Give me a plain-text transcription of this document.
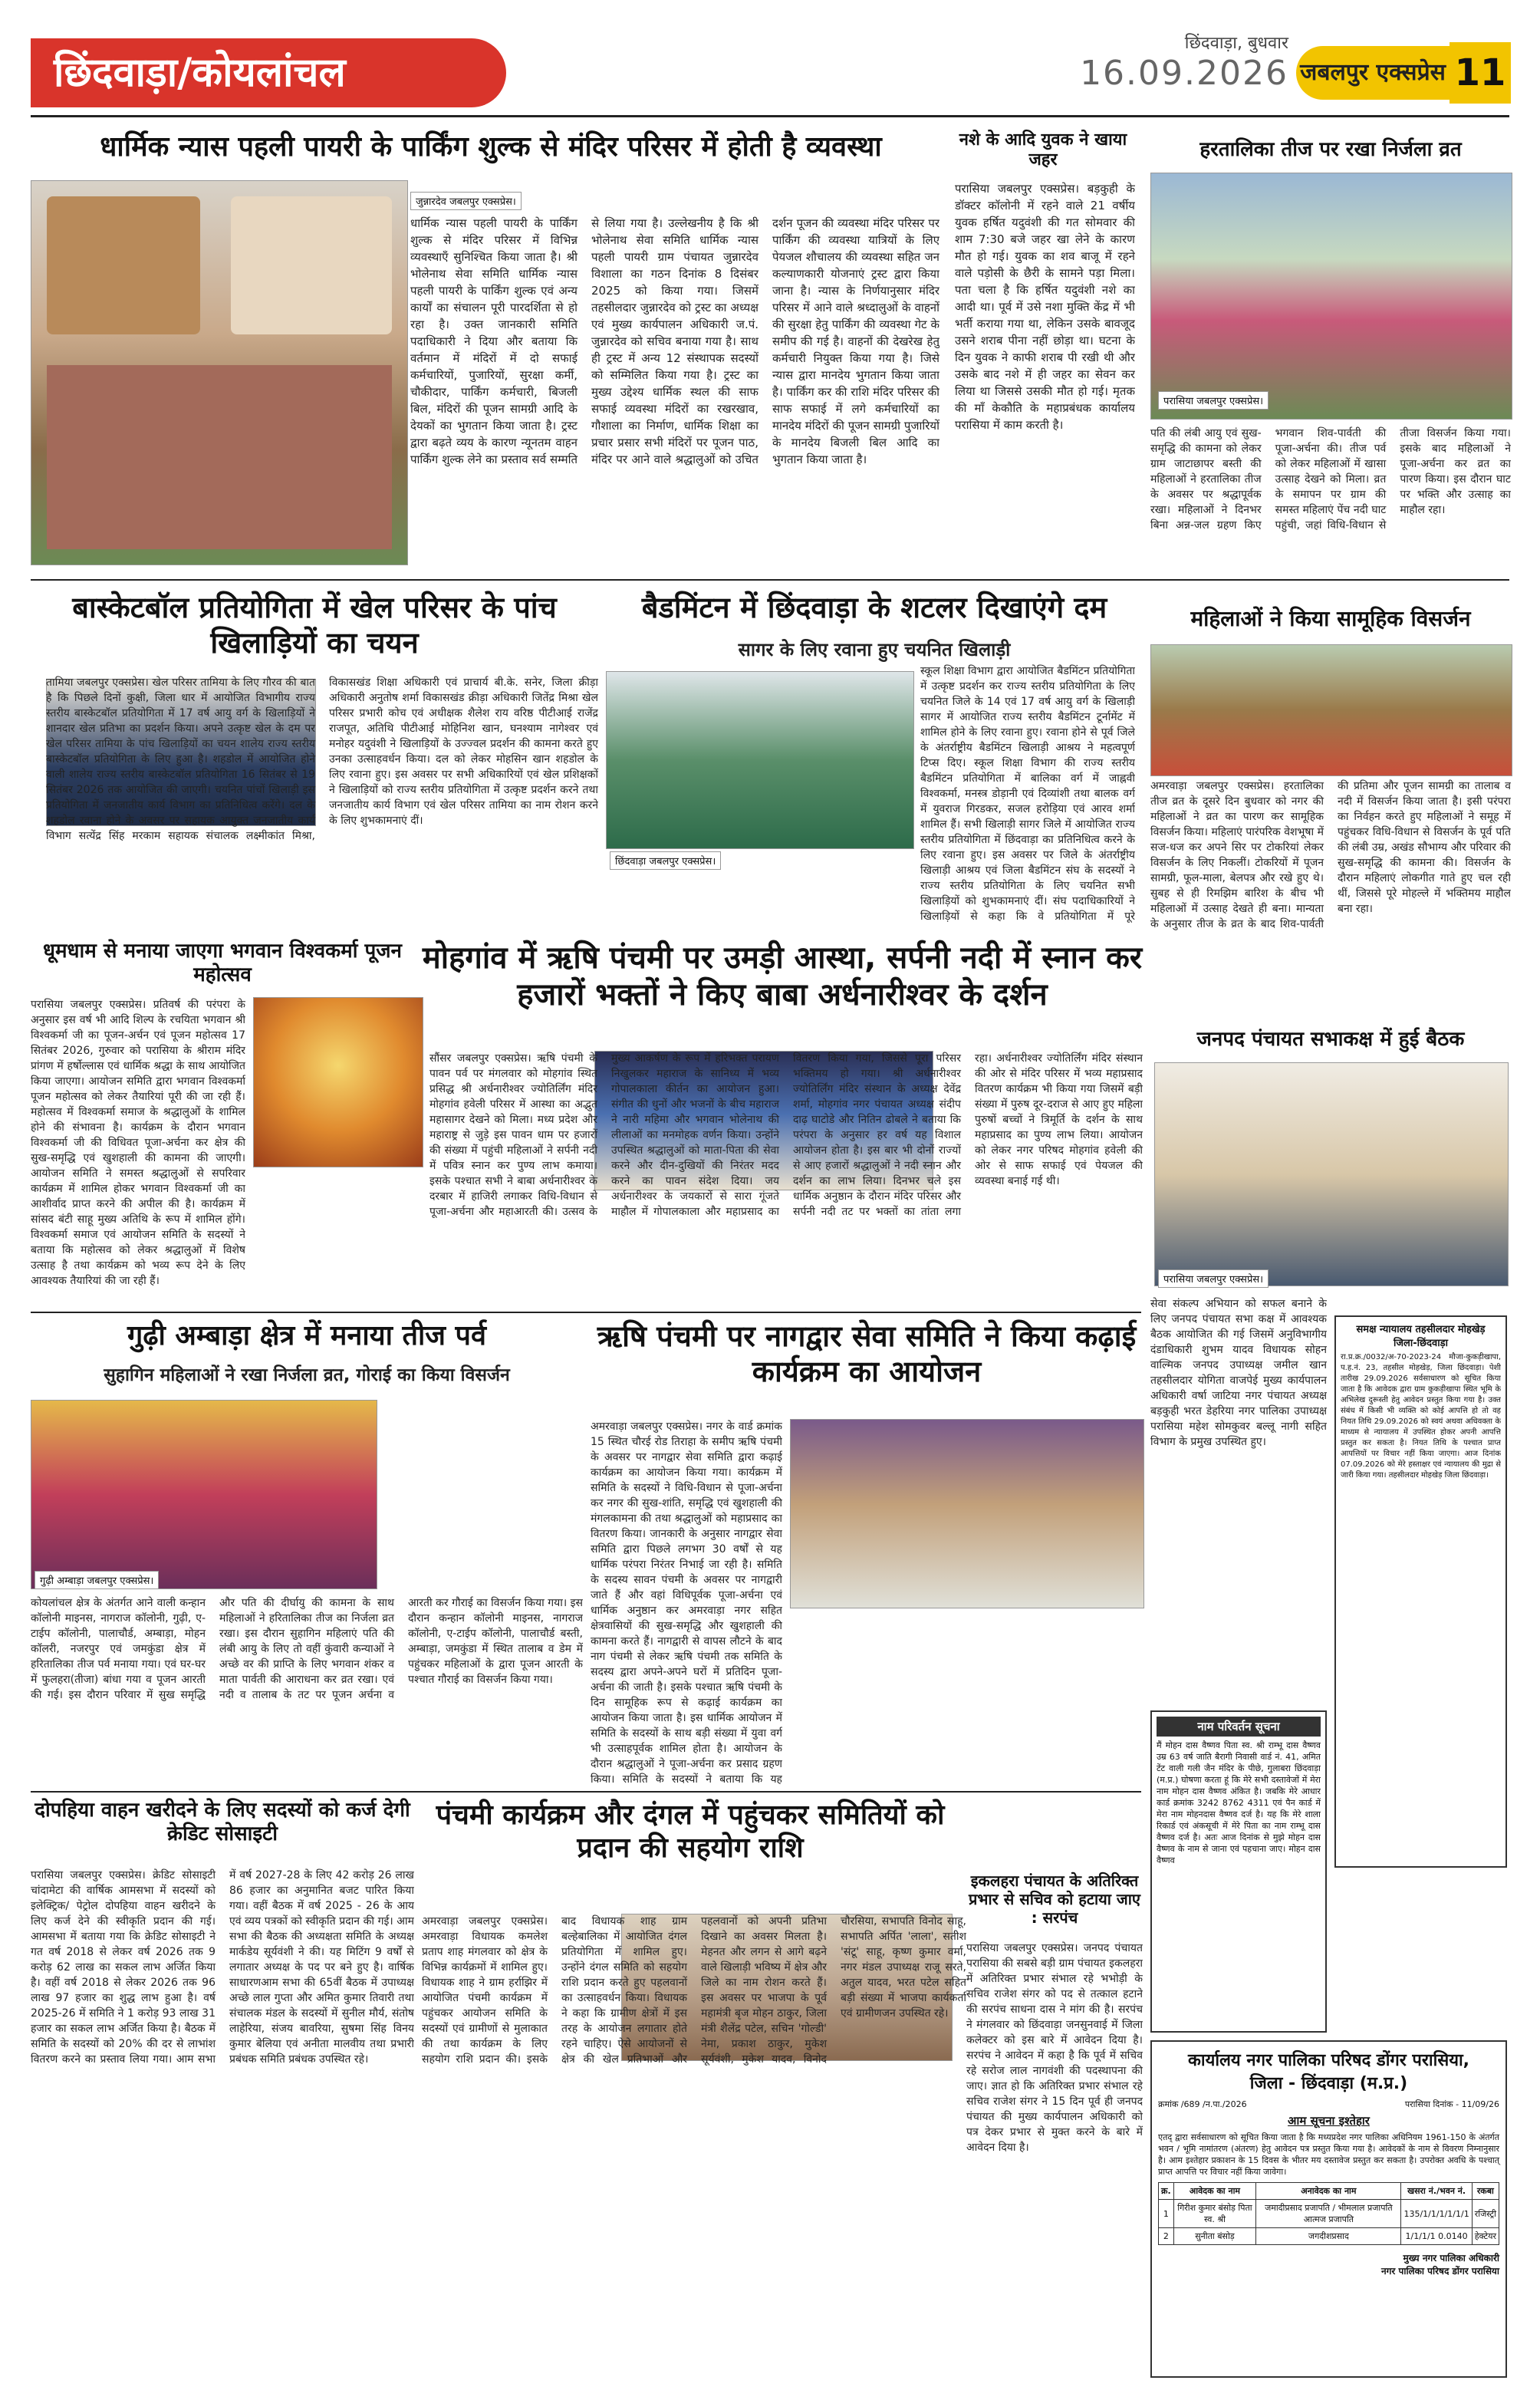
छिंदवाड़ा/कोयलांचल
छिंदवाड़ा, बुधवार
16.09.2026 जबलपुर एक्सप्रेस 11
धार्मिक न्यास पहली पायरी के पार्किंग शुल्क से मंदिर परिसर में होती है व्यवस्था
जुन्नारदेव जबलपुर एक्सप्रेस।
धार्मिक न्यास पहली पायरी के पार्किंग शुल्क से मंदिर परिसर में विभिन्न व्यवस्थाएँ सुनिश्चित किया जाता है। श्री भोलेनाथ सेवा समिति धार्मिक न्यास पहली पायरी के पार्किंग शुल्क एवं अन्य कार्यों का संचालन पूरी पारदर्शिता से हो रहा है। उक्त जानकारी समिति पदाधिकारी ने दिया और बताया कि वर्तमान में मंदिरों में दो सफाई कर्मचारियों, पुजारियों, सुरक्षा कर्मी, चौकीदार, पार्किंग कर्मचारी, बिजली बिल, मंदिरों की पूजन सामग्री आदि के देयकों का भुगतान किया जाता है। ट्रस्ट द्वारा बढ़ते व्यय के कारण न्यूनतम वाहन पार्किंग शुल्क लेने का प्रस्ताव सर्व सम्मति से लिया गया है। उल्लेखनीय है कि श्री भोलेनाथ सेवा समिति धार्मिक न्यास पहली पायरी ग्राम पंचायत जुन्नारदेव विशाला का गठन दिनांक 8 दिसंबर 2025 को किया गया। जिसमें तहसीलदार जुन्नारदेव को ट्रस्ट का अध्यक्ष एवं मुख्य कार्यपालन अधिकारी ज.पं. जुन्नारदेव को सचिव बनाया गया है। साथ ही ट्रस्ट में अन्य 12 संस्थापक सदस्यों को सम्मिलित किया गया है। ट्रस्ट का मुख्य उद्देश्य धार्मिक स्थल की साफ सफाई व्यवस्था मंदिरों का रखरखाव, गौशाला का निर्माण, धार्मिक शिक्षा का प्रचार प्रसार सभी मंदिरों पर पूजन पाठ, मंदिर पर आने वाले श्रद्धालुओं को उचित दर्शन पूजन की व्यवस्था मंदिर परिसर पर पार्किंग की व्यवस्था यात्रियों के लिए पेयजल शौचालय की व्यवस्था सहित जन कल्याणकारी योजनाएं ट्रस्ट द्वारा किया जाना है। न्यास के निर्णयानुसार मंदिर परिसर में आने वाले श्रध्दालुओं के वाहनों की सुरक्षा हेतु पार्किंग की व्यवस्था गेट के समीप की गई है। वाहनों की देखरेख हेतु कर्मचारी नियुक्त किया गया है। जिसे न्यास द्वारा मानदेय भुगतान किया जाता है। पार्किंग कर की राशि मंदिर परिसर की साफ सफाई में लगे कर्मचारियों का मानदेय मंदिरों की पूजन सामग्री पुजारियों के मानदेय बिजली बिल आदि का भुगतान किया जाता है।
नशे के आदि युवक ने खाया जहर
परासिया जबलपुर एक्सप्रेस। बड़कुही के डॉक्टर कॉलोनी में रहने वाले 21 वर्षीय युवक हर्षित यदुवंशी की गत सोमवार की शाम 7:30 बजे जहर खा लेने के कारण मौत हो गई। युवक का शव बाजू में रहने वाले पड़ोसी के छैरी के सामने पड़ा मिला। पता चला है कि हर्षित यदुवंशी नशे का आदी था। पूर्व में उसे नशा मुक्ति केंद्र में भी भर्ती कराया गया था, लेकिन उसके बावजूद उसने शराब पीना नहीं छोड़ा था। घटना के दिन युवक ने काफी शराब पी रखी थी और उसके बाद नशे में ही जहर का सेवन कर लिया था जिससे उसकी मौत हो गई। मृतक की माँ केकौति के महाप्रबंधक कार्यालय परासिया में काम करती है।
हरतालिका तीज पर रखा निर्जला व्रत
परासिया जबलपुर एक्सप्रेस।
पति की लंबी आयु एवं सुख-समृद्धि की कामना को लेकर ग्राम जाटाछापर बस्ती की महिलाओं ने हरतालिका तीज के अवसर पर श्रद्धापूर्वक रखा। महिलाओं ने दिनभर बिना अन्न-जल ग्रहण किए भगवान शिव-पार्वती की पूजा-अर्चना की। तीज पर्व को लेकर महिलाओं में खासा उत्साह देखने को मिला। व्रत के समापन पर ग्राम की समस्त महिलाएं पेंच नदी घाट पहुंची, जहां विधि-विधान से तीजा विसर्जन किया गया। इसके बाद महिलाओं ने पूजा-अर्चना कर व्रत का पारण किया। इस दौरान घाट पर भक्ति और उत्साह का माहौल रहा।
बास्केटबॉल प्रतियोगिता में खेल परिसर के पांच खिलाड़ियों का चयन
तामिया जबलपुर एक्सप्रेस। खेल परिसर तामिया के लिए गौरव की बात है कि पिछले दिनों कुक्षी, जिला धार में आयोजित विभागीय राज्य स्तरीय बास्केटबॉल प्रतियोगिता में 17 वर्ष आयु वर्ग के खिलाड़ियों ने शानदार खेल प्रतिभा का प्रदर्शन किया। अपने उत्कृष्ट खेल के दम पर खेल परिसर तामिया के पांच खिलाड़ियों का चयन शालेय राज्य स्तरीय बास्केटबॉल प्रतियोगिता के लिए हुआ है। शहडोल में आयोजित होने वाली शालेय राज्य स्तरीय बास्केटबॉल प्रतियोगिता 16 सितंबर से 19 सितंबर 2026 तक आयोजित की जाएगी। चयनित पांचों खिलाड़ी इस प्रतियोगिता में जनजातीय कार्य विभाग का प्रतिनिधित्व करेंगे। दल के शहडोल रवाना होने के अवसर पर सहायक आयुक्त जनजातीय कार्य विभाग सत्येंद्र सिंह मरकाम सहायक संचालक लक्ष्मीकांत मिश्रा, विकासखंड शिक्षा अधिकारी एवं प्राचार्य बी.के. सनेर, जिला क्रीड़ा अधिकारी अनुतोष शर्मा विकासखंड क्रीड़ा अधिकारी जितेंद्र मिश्रा खेल परिसर प्रभारी कोच एवं अधीक्षक शैलेश राय वरिष्ठ पीटीआई राजेंद्र राजपूत, अतिथि पीटीआई मोहिनिश खान, घनश्याम नागेश्वर एवं मनोहर यदुवंशी ने खिलाड़ियों के उज्ज्वल प्रदर्शन की कामना करते हुए उनका उत्साहवर्धन किया। दल को लेकर मोहसिन खान शहडोल के लिए रवाना हुए। इस अवसर पर सभी अधिकारियों एवं खेल प्रशिक्षकों ने खिलाड़ियों को राज्य स्तरीय प्रतियोगिता में उत्कृष्ट प्रदर्शन करने तथा जनजातीय कार्य विभाग एवं खेल परिसर तामिया का नाम रोशन करने के लिए शुभकामनाएं दीं।
बैडमिंटन में छिंदवाड़ा के शटलर दिखाएंगे दम
सागर के लिए रवाना हुए चयनित खिलाड़ी
छिंदवाड़ा जबलपुर एक्सप्रेस।
स्कूल शिक्षा विभाग द्वारा आयोजित बैडमिंटन प्रतियोगिता में उत्कृष्ट प्रदर्शन कर राज्य स्तरीय प्रतियोगिता के लिए चयनित जिले के 14 एवं 17 वर्ष आयु वर्ग के खिलाड़ी सागर में आयोजित राज्य स्तरीय बैडमिंटन टूर्नामेंट में शामिल होने के लिए रवाना हुए। रवाना होने से पूर्व जिले के अंतर्राष्ट्रीय बैडमिंटन खिलाड़ी आश्रय ने महत्वपूर्ण टिप्स दिए। स्कूल शिक्षा विभाग की राज्य स्तरीय बैडमिंटन प्रतियोगिता में बालिका वर्ग में जाह्नवी विश्वकर्मा, मनस्त्र डोड़ानी एवं दिव्यांशी तथा बालक वर्ग में युवराज गिरडकर, सजल हरोड़िया एवं आरव शर्मा शामिल हैं। सभी खिलाड़ी सागर जिले में आयोजित राज्य स्तरीय प्रतियोगिता में छिंदवाड़ा का प्रतिनिधित्व करने के लिए रवाना हुए। इस अवसर पर जिले के अंतर्राष्ट्रीय खिलाड़ी आश्रय एवं जिला बैडमिंटन संघ के सदस्यों ने राज्य स्तरीय प्रतियोगिता के लिए चयनित सभी खिलाड़ियों को शुभकामनाएं दीं। संघ पदाधिकारियों ने खिलाड़ियों से कहा कि वे प्रतियोगिता में पूरे
महिलाओं ने किया सामूहिक विसर्जन
अमरवाड़ा जबलपुर एक्सप्रेस। हरतालिका तीज व्रत के दूसरे दिन बुधवार को नगर की महिलाओं ने व्रत का पारण कर सामूहिक विसर्जन किया। महिलाएं पारंपरिक वेशभूषा में सज-धज कर अपने सिर पर टोकरियां लेकर विसर्जन के लिए निकलीं। टोकरियों में पूजन सामग्री, फूल-माला, बेलपत्र और रखे हुए थे। सुबह से ही रिमझिम बारिश के बीच भी महिलाओं में उत्साह देखते ही बना। मान्यता के अनुसार तीज के व्रत के बाद शिव-पार्वती की प्रतिमा और पूजन सामग्री का तालाब व नदी में विसर्जन किया जाता है। इसी परंपरा का निर्वहन करते हुए महिलाओं ने समूह में पहुंचकर विधि-विधान से विसर्जन के पूर्व पति की लंबी उम्र, अखंड सौभाग्य और परिवार की सुख-समृद्धि की कामना की। विसर्जन के दौरान महिलाएं लोकगीत गाते हुए चल रही थीं, जिससे पूरे मोहल्ले में भक्तिमय माहौल बना रहा।
धूमधाम से मनाया जाएगा भगवान विश्वकर्मा पूजन महोत्सव
परासिया जबलपुर एक्सप्रेस। प्रतिवर्ष की परंपरा के अनुसार इस वर्ष भी आदि शिल्प के रचयिता भगवान श्री विश्वकर्मा जी का पूजन-अर्चन एवं पूजन महोत्सव 17 सितंबर 2026, गुरुवार को परासिया के श्रीराम मंदिर प्रांगण में हर्षोल्लास एवं धार्मिक श्रद्धा के साथ आयोजित किया जाएगा। आयोजन समिति द्वारा भगवान विश्वकर्मा पूजन महोत्सव को लेकर तैयारियां पूरी की जा रही हैं। महोत्सव में विश्वकर्मा समाज के श्रद्धालुओं के शामिल होने की संभावना है। कार्यक्रम के दौरान भगवान विश्वकर्मा जी की विधिवत पूजा-अर्चना कर क्षेत्र की सुख-समृद्धि एवं खुशहाली की कामना की जाएगी। आयोजन समिति ने समस्त श्रद्धालुओं से सपरिवार कार्यक्रम में शामिल होकर भगवान विश्वकर्मा जी का आशीर्वाद प्राप्त करने की अपील की है। कार्यक्रम में सांसद बंटी साहू मुख्य अतिथि के रूप में शामिल होंगे। विश्वकर्मा समाज एवं आयोजन समिति के सदस्यों ने बताया कि महोत्सव को लेकर श्रद्धालुओं में विशेष उत्साह है तथा कार्यक्रम को भव्य रूप देने के लिए आवश्यक तैयारियां की जा रही हैं।
मोहगांव में ऋषि पंचमी पर उमड़ी आस्था, सर्पनी नदी में स्नान कर हजारों भक्तों ने किए बाबा अर्धनारीश्वर के दर्शन
सौंसर जबलपुर एक्सप्रेस। ऋषि पंचमी के पावन पर्व पर मंगलवार को मोहगांव स्थित प्रसिद्ध श्री अर्धनारीश्वर ज्योतिर्लिंग मंदिर मोहगांव हवेली परिसर में आस्था का अद्भुत महासागर देखने को मिला। मध्य प्रदेश और महाराष्ट्र से जुड़े इस पावन धाम पर हजारों की संख्या में पहुंची महिलाओं ने सर्पनी नदी में पवित्र स्नान कर पुण्य लाभ कमाया। इसके पश्चात सभी ने बाबा अर्धनारीश्वर के दरबार में हाजिरी लगाकर विधि-विधान से पूजा-अर्चना और महाआरती की। उत्सव के मुख्य आकर्षण के रूप में हरिभक्त परायण निखुलकर महाराज के सानिध्य में भव्य गोपालकाला कीर्तन का आयोजन हुआ। संगीत की धुनों और भजनों के बीच महाराज ने नारी महिमा और भगवान भोलेनाथ की लीलाओं का मनमोहक वर्णन किया। उन्होंने उपस्थित श्रद्धालुओं को माता-पिता की सेवा करने और दीन-दुखियों की निरंतर मदद करने का पावन संदेश दिया। जय अर्धनारीश्वर के जयकारों से सारा गूंजते माहौल में गोपालकाला और महाप्रसाद का वितरण किया गया, जिससे पूरा परिसर भक्तिमय हो गया। श्री अर्धनारीश्वर ज्योतिर्लिंग मंदिर संस्थान के अध्यक्ष देवेंद्र शर्मा, मोहगांव नगर पंचायत अध्यक्ष संदीप दाढ़ घाटोडे और नितिन ढोबले ने बताया कि परंपरा के अनुसार हर वर्ष यह विशाल आयोजन होता है। इस बार भी दोनों राज्यों से आए हजारों श्रद्धालुओं ने नदी स्नान और दर्शन का लाभ लिया। दिनभर चले इस धार्मिक अनुष्ठान के दौरान मंदिर परिसर और सर्पनी नदी तट पर भक्तों का तांता लगा रहा। अर्धनारीश्वर ज्योतिर्लिंग मंदिर संस्थान की ओर से मंदिर परिसर में भव्य महाप्रसाद वितरण कार्यक्रम भी किया गया जिसमें बड़ी संख्या में पुरुष दूर-दराज से आए हुए महिला पुरुषों बच्चों ने त्रिमूर्ति के दर्शन के साथ महाप्रसाद का पुण्य लाभ लिया। आयोजन को लेकर नगर परिषद मोहगांव हवेली की ओर से साफ सफाई एवं पेयजल की व्यवस्था बनाई गई थी।
जनपद पंचायत सभाकक्ष में हुई बैठक
परासिया जबलपुर एक्सप्रेस।
सेवा संकल्प अभियान को सफल बनाने के लिए जनपद पंचायत सभा कक्ष में आवश्यक बैठक आयोजित की गई जिसमें अनुविभागीय दंडाधिकारी शुभम यादव विधायक सोहन वाल्मिक जनपद उपाध्यक्ष जमील खान तहसीलदार योगिता वाजपेई मुख्य कार्यपालन अधिकारी वर्षा जाटिया नगर पंचायत अध्यक्ष बड़कुही भरत डेहरिया नगर पालिका उपाध्यक्ष परासिया महेश सोमकुवर बल्लू नागी सहित विभाग के प्रमुख उपस्थित हुए।
समक्ष न्यायालय तहसीलदार मोहखेड़
जिला-छिंदवाड़ा
रा.प्र.क्र./0032/अ-70-2023-24 मौजा-कुकड़ीखापा, प.ह.नं. 23, तहसील मोहखेड़, जिला छिंदवाड़ा। पेशी तारीख 29.09.2026 सर्वसाधारण को सूचित किया जाता है कि आवेदक द्वारा ग्राम कुकड़ीखापा स्थित भूमि के अभिलेख दुरूस्ती हेतु आवेदन प्रस्तुत किया गया है। उक्त संबंध में किसी भी व्यक्ति को कोई आपत्ति हो तो वह नियत तिथि 29.09.2026 को स्वयं अथवा अधिवक्ता के माध्यम से न्यायालय में उपस्थित होकर अपनी आपत्ति प्रस्तुत कर सकता है। नियत तिथि के पश्चात प्राप्त आपत्तियों पर विचार नहीं किया जाएगा। आज दिनांक 07.09.2026 को मेरे हस्ताक्षर एवं न्यायालय की मुद्रा से जारी किया गया। तहसीलदार मोहखेड़ जिला छिंदवाड़ा।
गुढ़ी अम्बाड़ा क्षेत्र में मनाया तीज पर्व
सुहागिन महिलाओं ने रखा निर्जला व्रत, गोराई का किया विसर्जन
गुढ़ी अम्बाड़ा जबलपुर एक्सप्रेस।
कोयलांचल क्षेत्र के अंतर्गत आने वाली कन्हान कॉलोनी माइनस, नागराज कॉलोनी, गुढ़ी, ए-टाईप कॉलोनी, पालाचौर्ड, अम्बाड़ा, मोहन कॉलरी, नजरपुर एवं जमकुंडा क्षेत्र में हरितालिका तीज पर्व मनाया गया। एवं घर-घर में फुलहरा(तीजा) बांधा गया व पूजन आरती की गई। इस दौरान परिवार में सुख समृद्धि और पति की दीर्घायु की कामना के साथ महिलाओं ने हरितालिका तीज का निर्जला व्रत रखा। इस दौरान सुहागिन महिलाएं पति की लंबी आयु के लिए तो वहीं कुंवारी कन्याओं ने अच्छे वर की प्राप्ति के लिए भगवान शंकर व माता पार्वती की आराधना कर व्रत रखा। एवं नदी व तालाब के तट पर पूजन अर्चना व आरती कर गौराई का विसर्जन किया गया। इस दौरान कन्हान कॉलोनी माइनस, नागराज कॉलोनी, ए-टाईप कॉलोनी, पालाचौर्ड बस्ती, अम्बाड़ा, जमकुंडा में स्थित तालाब व डेम में पहुंचकर महिलाओं के द्वारा पूजन आरती के पश्चात गौराई का विसर्जन किया गया।
ऋषि पंचमी पर नागद्वार सेवा समिति ने किया कढ़ाई कार्यक्रम का आयोजन
अमरवाड़ा जबलपुर एक्सप्रेस। नगर के वार्ड क्रमांक 15 स्थित चौरई रोड तिराहा के समीप ऋषि पंचमी के अवसर पर नागद्वार सेवा समिति द्वारा कढ़ाई कार्यक्रम का आयोजन किया गया। कार्यक्रम में समिति के सदस्यों ने विधि-विधान से पूजा-अर्चना कर नगर की सुख-शांति, समृद्धि एवं खुशहाली की मंगलकामना की तथा श्रद्धालुओं को महाप्रसाद का वितरण किया। जानकारी के अनुसार नागद्वार सेवा समिति द्वारा पिछले लगभग 30 वर्षों से यह धार्मिक परंपरा निरंतर निभाई जा रही है। समिति के सदस्य सावन पंचमी के अवसर पर नागद्वारी जाते हैं और वहां विधिपूर्वक पूजा-अर्चना एवं धार्मिक अनुष्ठान कर अमरवाड़ा नगर सहित क्षेत्रवासियों की सुख-समृद्धि और खुशहाली की कामना करते हैं। नागद्वारी से वापस लौटने के बाद नाग पंचमी से लेकर ऋषि पंचमी तक समिति के सदस्य द्वारा अपने-अपने घरों में प्रतिदिन पूजा-अर्चना की जाती है। इसके पश्चात ऋषि पंचमी के दिन सामूहिक रूप से कढ़ाई कार्यक्रम का आयोजन किया जाता है। इस धार्मिक आयोजन में समिति के सदस्यों के साथ बड़ी संख्या में युवा वर्ग भी उत्साहपूर्वक शामिल होता है। आयोजन के दौरान श्रद्धालुओं ने पूजा-अर्चना कर प्रसाद ग्रहण किया। समिति के सदस्यों ने बताया कि यह
नाम परिवर्तन सूचना
मैं मोहन दास वैष्णव पिता स्व. श्री राम्भू दास वैष्णव उम्र 63 वर्ष जाति बैरागी निवासी वार्ड नं. 41, अमित टेंट वाली गली जैन मंदिर के पीछे, गुलाबरा छिंदवाड़ा (म.प्र.) घोषणा करता हूं कि मेरे सभी दस्तावेजों में मेरा नाम मोहन दास वैष्णव अंकित है। जबकि मेरे आधार कार्ड क्रमांक 3242 8762 4311 एवं पैन कार्ड में मेरा नाम मोहनदास वैष्णव दर्ज है। यह कि मेरे शाला रिकार्ड एवं अंकसूची में मेरे पिता का नाम राम्भू दास वैष्णव दर्ज है। अतः आज दिनांक से मुझे मोहन दास वैष्णव के नाम से जाना एवं पहचाना जाए। मोहन दास वैष्णव
दोपहिया वाहन खरीदने के लिए सदस्यों को कर्ज देगी क्रेडिट सोसाइटी
परासिया जबलपुर एक्सप्रेस। क्रेडिट सोसाइटी चांदामेटा की वार्षिक आमसभा में सदस्यों को इलेक्ट्रिक/ पेट्रोल दोपहिया वाहन खरीदने के लिए कर्ज देने की स्वीकृति प्रदान की गई। आमसभा में बताया गया कि क्रेडिट सोसाइटी ने गत वर्ष 2018 से लेकर वर्ष 2026 तक 9 करोड़ 62 लाख का सकल लाभ अर्जित किया है। वहीं वर्ष 2018 से लेकर 2026 तक 96 लाख 97 हजार का शुद्ध लाभ हुआ है। वर्ष 2025-26 में समिति ने 1 करोड़ 93 लाख 31 हजार का सकल लाभ अर्जित किया है। बैठक में समिति के सदस्यों को 20% की दर से लाभांश वितरण करने का प्रस्ताव लिया गया। आम सभा में वर्ष 2027-28 के लिए 42 करोड़ 26 लाख 86 हजार का अनुमानित बजट पारित किया गया। वहीं बैठक में वर्ष 2025 - 26 के आय एवं व्यय पत्रकों को स्वीकृति प्रदान की गई। आम सभा की बैठक की अध्यक्षता समिति के अध्यक्ष मार्कडेय सूर्यवंशी ने की। यह मिटिंग 9 वर्षों से लगातार अध्यक्ष के पद पर बने हुए है। वार्षिक साधारणआम सभा की 65वीं बैठक में उपाध्यक्ष अच्छे लाल गुप्ता और अमित कुमार तिवारी तथा संचालक मंडल के सदस्यों में सुनील मौर्य, संतोष लाहेरिया, संजय बावरिया, सुषमा सिंह विनय कुमार बेलिया एवं अनीता मालवीय तथा प्रभारी प्रबंधक समिति प्रबंधक उपस्थित रहे।
पंचमी कार्यक्रम और दंगल में पहुंचकर समितियों को प्रदान की सहयोग राशि
अमरवाड़ा जबलपुर एक्सप्रेस। अमरवाड़ा विधायक कमलेश प्रताप शाह मंगलवार को क्षेत्र के विभिन्न कार्यक्रमों में शामिल हुए। विधायक शाह ने ग्राम हर्राझिर में आयोजित पंचमी कार्यक्रम में पहुंचकर आयोजन समिति के सदस्यों एवं ग्रामीणों से मुलाकात की तथा कार्यक्रम के लिए सहयोग राशि प्रदान की। इसके बाद विधायक शाह ग्राम बल्हेबालिका में आयोजित दंगल प्रतियोगिता में शामिल हुए। उन्होंने दंगल समिति को सहयोग राशि प्रदान करते हुए पहलवानों का उत्साहवर्धन किया। विधायक ने कहा कि ग्रामीण क्षेत्रों में इस तरह के आयोजन लगातार होते रहने चाहिए। ऐसे आयोजनों से क्षेत्र की खेल प्रतिभाओं और पहलवानों को अपनी प्रतिभा दिखाने का अवसर मिलता है। मेहनत और लगन से आगे बढ़ने वाले खिलाड़ी भविष्य में क्षेत्र और जिले का नाम रोशन करते हैं। इस अवसर पर भाजपा के पूर्व महामंत्री बृज मोहन ठाकुर, जिला मंत्री शैलेंद्र पटेल, सचिन 'गोल्डी' नेमा, प्रकाश ठाकुर, मुकेश सूर्यवंशी, मुकेश यादव, विनोद चौरसिया, सभापति विनोद साहू, सभापति अर्पित 'लाला', सतीश 'संटू' साहू, कृष्ण कुमार वर्मा, नगर मंडल उपाध्यक्ष राजू सरते, अतुल यादव, भरत पटेल सहित बड़ी संख्या में भाजपा कार्यकर्ता एवं ग्रामीणजन उपस्थित रहे।
इकलहरा पंचायत के अतिरिक्त प्रभार से सचिव को हटाया जाए : सरपंच
परासिया जबलपुर एक्सप्रेस। जनपद पंचायत परासिया की सबसे बड़ी ग्राम पंचायत इकलहरा में अतिरिक्त प्रभार संभाल रहे भभोड़ी के सचिव राजेश संगर को पद से तत्काल हटाने की सरपंच साधना दास ने मांग की है। सरपंच ने मंगलवार को छिंदवाड़ा जनसुनवाई में जिला कलेक्टर को इस बारे में आवेदन दिया है। सरपंच ने आवेदन में कहा है कि पूर्व में सचिव रहे सरोज लाल नागवंशी की पदस्थापना की जाए। ज्ञात हो कि अतिरिक्त प्रभार संभाल रहे सचिव राजेश संगर ने 15 दिन पूर्व ही जनपद पंचायत की मुख्य कार्यपालन अधिकारी को पत्र देकर प्रभार से मुक्त करने के बारे में आवेदन दिया है।
कार्यालय नगर पालिका परिषद डोंगर परासिया,
जिला - छिंदवाड़ा (म.प्र.)
क्रमांक /689 /न.पा./2026	परासिया दिनांक - 11/09/26
आम सूचना इश्तेहार
एतद् द्वारा सर्वसाधारण को सूचित किया जाता है कि मध्यप्रदेश नगर पालिका अधिनियम 1961-150 के अंतर्गत भवन / भूमि नामांतरण (अंतरण) हेतु आवेदन पत्र प्रस्तुत किया गया है। आवेदकों के नाम से विवरण निम्नानुसार है। आम इश्तेहार प्रकाशन के 15 दिवस के भीतर मय दस्तावेज प्रस्तुत कर सकता है। उपरोक्त अवधि के पश्चात् प्राप्त आपत्ति पर विचार नहीं किया जावेगा।
क्र.	आवेदक का नाम	अनावेदक का नाम	खसरा नं./भवन नं.	रकबा
1	गिरीश कुमार बंसोड़ पिता स्व. श्री	जमादीप्रसाद प्रजापति / भीमलाल प्रजापति आत्मज प्रजापति	135/1/1/1/1/1/1	रजिस्ट्री
2	सुनीता बंसोड़	जगदीशप्रसाद	1/1/1/1 0.0140	हेक्टेयर
मुख्य नगर पालिका अधिकारी
नगर पालिका परिषद डोंगर परासिया
